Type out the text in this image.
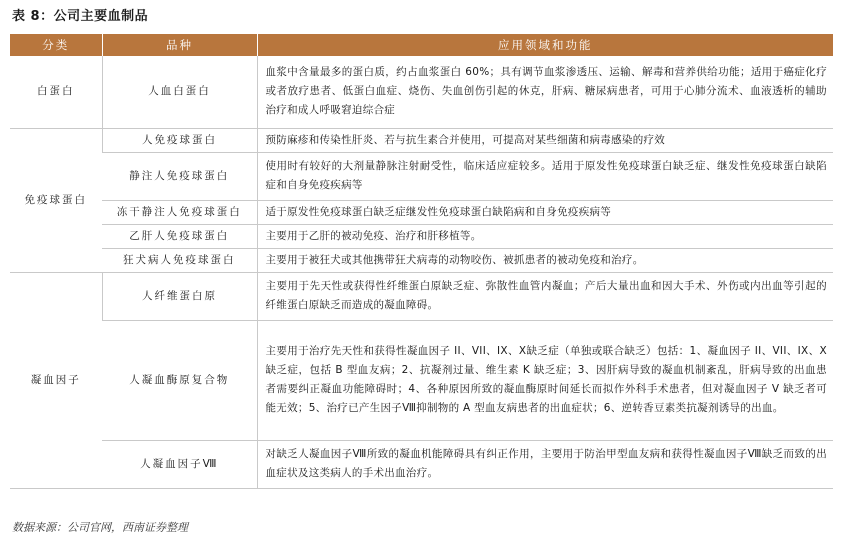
表 8：公司主要血制品
分类	品种	应用领域和功能
白蛋白	人血白蛋白	血浆中含量最多的蛋白质，约占血浆蛋白 60%；具有调节血浆渗透压、运输、解毒和营养供给功能；适用于癌症化疗或者放疗患者、低蛋白血症、烧伤、失血创伤引起的休克，肝病、糖尿病患者，可用于心肺分流术、血液透析的辅助治疗和成人呼吸窘迫综合症
免疫球蛋白	人免疫球蛋白	预防麻疹和传染性肝炎、若与抗生素合并使用，可提高对某些细菌和病毒感染的疗效
	静注人免疫球蛋白	使用时有较好的大剂量静脉注射耐受性，临床适应症较多。适用于原发性免疫球蛋白缺乏症、继发性免疫球蛋白缺陷症和自身免疫疾病等
	冻干静注人免疫球蛋白	适于原发性免疫球蛋白缺乏症继发性免疫球蛋白缺陷病和自身免疫疾病等
	乙肝人免疫球蛋白	主要用于乙肝的被动免疫、治疗和肝移植等。
	狂犬病人免疫球蛋白	主要用于被狂犬或其他携带狂犬病毒的动物咬伤、被抓患者的被动免疫和治疗。
凝血因子	人纤维蛋白原	主要用于先天性或获得性纤维蛋白原缺乏症、弥散性血管内凝血；产后大量出血和因大手术、外伤或内出血等引起的纤维蛋白原缺乏而造成的凝血障碍。
	人凝血酶原复合物	主要用于治疗先天性和获得性凝血因子 II、VII、IX、X缺乏症（单独或联合缺乏）包括：1、凝血因子 II、VII、IX、X 缺乏症，包括 B 型血友病；2、抗凝剂过量、维生素 K 缺乏症；3、因肝病导致的凝血机制紊乱，肝病导致的出血患者需要纠正凝血功能障碍时；4、各种原因所致的凝血酶原时间延长而拟作外科手术患者，但对凝血因子 V 缺乏者可能无效；5、治疗已产生因子Ⅷ抑制物的 A 型血友病患者的出血症状；6、逆转香豆素类抗凝剂诱导的出血。
	人凝血因子Ⅷ	对缺乏人凝血因子Ⅷ所致的凝血机能障碍具有纠正作用，主要用于防治甲型血友病和获得性凝血因子Ⅷ缺乏而致的出血症状及这类病人的手术出血治疗。
数据来源：公司官网，西南证券整理
